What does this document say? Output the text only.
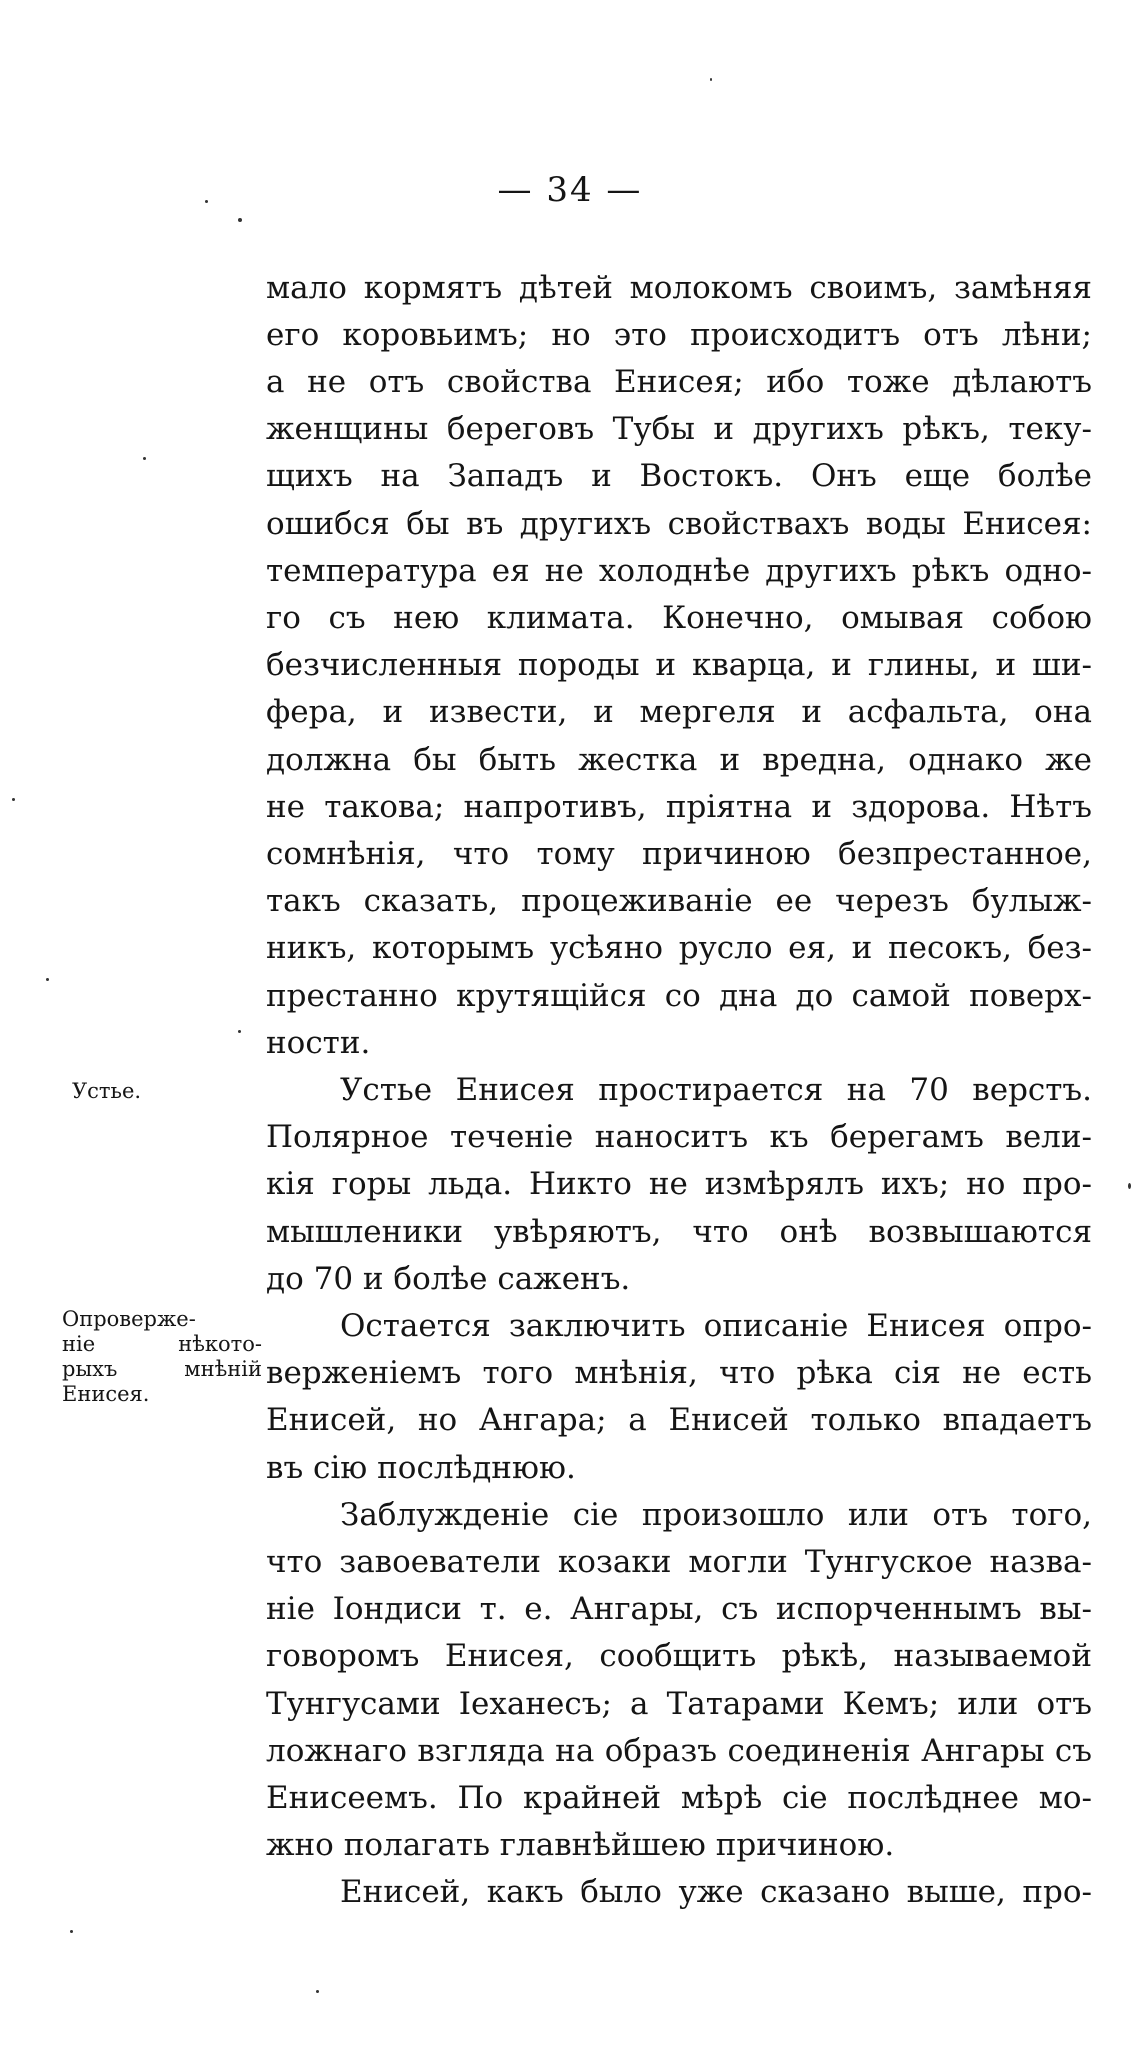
— 34 —
мало кормятъ дѣтей молокомъ своимъ, замѣняя
его коровьимъ; но это происходитъ отъ лѣни;
а не отъ свойства Енисея; ибо тоже дѣлаютъ
женщины береговъ Тубы и другихъ рѣкъ, теку-
щихъ на Западъ и Востокъ. Онъ еще болѣе
ошибся бы въ другихъ свойствахъ воды Енисея:
температура ея не холоднѣе другихъ рѣкъ одно-
го съ нею климата. Конечно, омывая собою
безчисленныя породы и кварца, и глины, и ши-
фера, и извести, и мергеля и асфальта, она
должна бы быть жестка и вредна, однако же
не такова; напротивъ, пріятна и здорова. Нѣтъ
сомнѣнія, что тому причиною безпрестанное,
такъ сказать, процеживаніе ее черезъ булыж-
никъ, которымъ усѣяно русло ея, и песокъ, без-
престанно крутящійся со дна до самой поверх-
ности.
Устье.	Устье Енисея простирается на 70 верстъ.
Полярное теченіе наноситъ къ берегамъ вели-
кія горы льда. Никто не измѣрялъ ихъ; но про-
мышленики увѣряютъ, что онѣ возвышаются
до 70 и болѣе саженъ.
Опроверже-
ніе нѣкото-
рыхъ мнѣній
Енисея.
Остается заключить описаніе Енисея опро-
верженіемъ того мнѣнія, что рѣка сія не есть
Енисей, но Ангара; а Енисей только впадаетъ
въ сію послѣднюю.
Заблужденіе сіе произошло или отъ того,
что завоеватели козаки могли Тунгуское назва-
ніе Іондиси т. е. Ангары, съ испорченнымъ вы-
говоромъ Енисея, сообщить рѣкѣ, называемой
Тунгусами Іеханесъ; а Татарами Кемъ; или отъ
ложнаго взгляда на образъ соединенія Ангары съ
Енисеемъ. По крайней мѣрѣ сіе послѣднее мо-
жно полагать главнѣйшею причиною.
Енисей, какъ было уже сказано выше, про-
